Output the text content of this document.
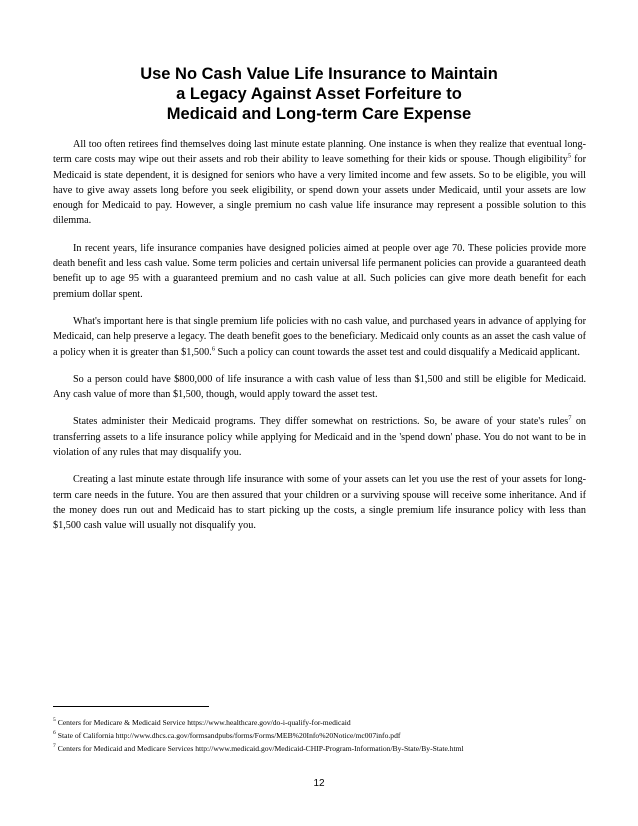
Use No Cash Value Life Insurance to Maintain
a Legacy Against Asset Forfeiture to
Medicaid and Long-term Care Expense

All too often retirees find themselves doing last minute estate planning. One instance is when they realize that eventual long-term care costs may wipe out their assets and rob their ability to leave something for their kids or spouse. Though eligibility$^5$ for Medicaid is state dependent, it is designed for seniors who have a very limited income and few assets. So to be eligible, you will have to give away assets long before you seek eligibility, or spend down your assets under Medicaid, until your assets are low enough for Medicaid to pay. However, a single premium no cash value life insurance may represent a possible solution to this dilemma.

In recent years, life insurance companies have designed policies aimed at people over age 70. These policies provide more death benefit and less cash value. Some term policies and certain universal life permanent policies can provide a guaranteed death benefit up to age 95 with a guaranteed premium and no cash value at all. Such policies can give more death benefit for each premium dollar spent.

What's important here is that single premium life policies with no cash value, and purchased years in advance of applying for Medicaid, can help preserve a legacy. The death benefit goes to the beneficiary. Medicaid only counts as an asset the cash value of a policy when it is greater than $1,500.$^6$ Such a policy can count towards the asset test and could disqualify a Medicaid applicant.

So a person could have $800,000 of life insurance a with cash value of less than $1,500 and still be eligible for Medicaid. Any cash value of more than $1,500, though, would apply toward the asset test.

States administer their Medicaid programs. They differ somewhat on restrictions. So, be aware of your state's rules$^7$ on transferring assets to a life insurance policy while applying for Medicaid and in the 'spend down' phase. You do not want to be in violation of any rules that may disqualify you.

Creating a last minute estate through life insurance with some of your assets can let you use the rest of your assets for long-term care needs in the future. You are then assured that your children or a surviving spouse will receive some inheritance. And if the money does run out and Medicaid has to start picking up the costs, a single premium life insurance policy with less than $1,500 cash value will usually not disqualify you.

$^5$ Centers for Medicare & Medicaid Service https://www.healthcare.gov/do-i-qualify-for-medicaid
$^6$ State of California http://www.dhcs.ca.gov/formsandpubs/forms/Forms/MEB%20Info%20Notice/mc007info.pdf
$^7$ Centers for Medicaid and Medicare Services http://www.medicaid.gov/Medicaid-CHIP-Program-Information/By-State/By-State.html
12
